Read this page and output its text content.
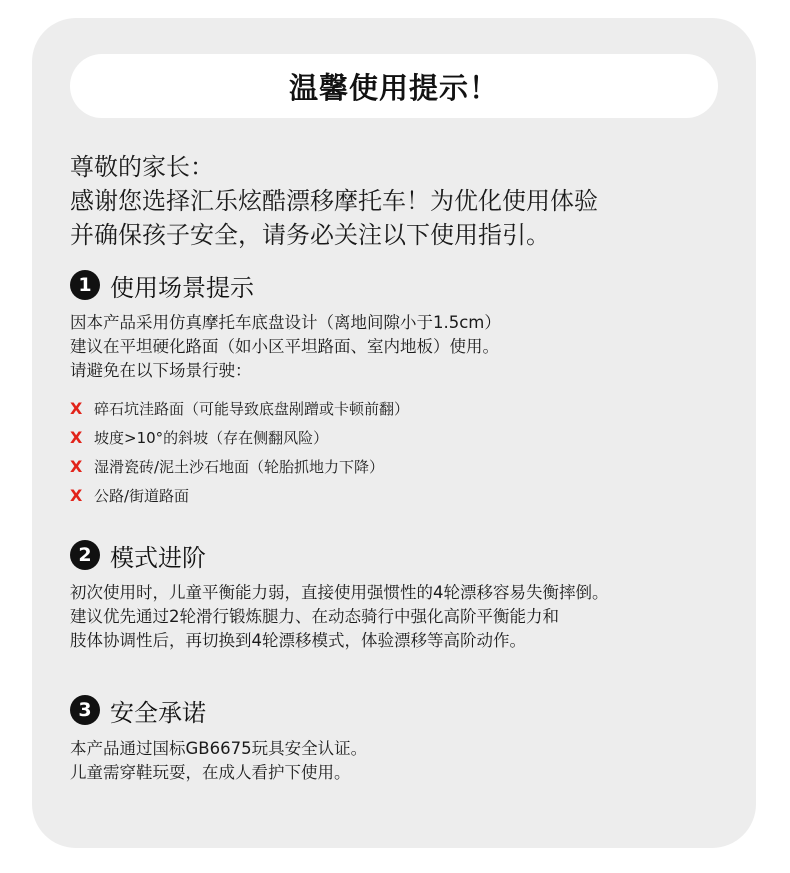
温馨使用提示！
尊敬的家长：
感谢您选择汇乐炫酷漂移摩托车！为优化使用体验
并确保孩子安全，请务必关注以下使用指引。
1 使用场景提示
因本产品采用仿真摩托车底盘设计（离地间隙小于1.5cm）
建议在平坦硬化路面（如小区平坦路面、室内地板）使用。
请避免在以下场景行驶：
X 碎石坑洼路面（可能导致底盘剐蹭或卡顿前翻）
X 坡度>10°的斜坡（存在侧翻风险）
X 湿滑瓷砖/泥土沙石地面（轮胎抓地力下降）
X 公路/街道路面
2 模式进阶
初次使用时，儿童平衡能力弱，直接使用强惯性的4轮漂移容易失衡摔倒。
建议优先通过2轮滑行锻炼腿力、在动态骑行中强化高阶平衡能力和
肢体协调性后，再切换到4轮漂移模式，体验漂移等高阶动作。
3 安全承诺
本产品通过国标GB6675玩具安全认证。
儿童需穿鞋玩耍，在成人看护下使用。
